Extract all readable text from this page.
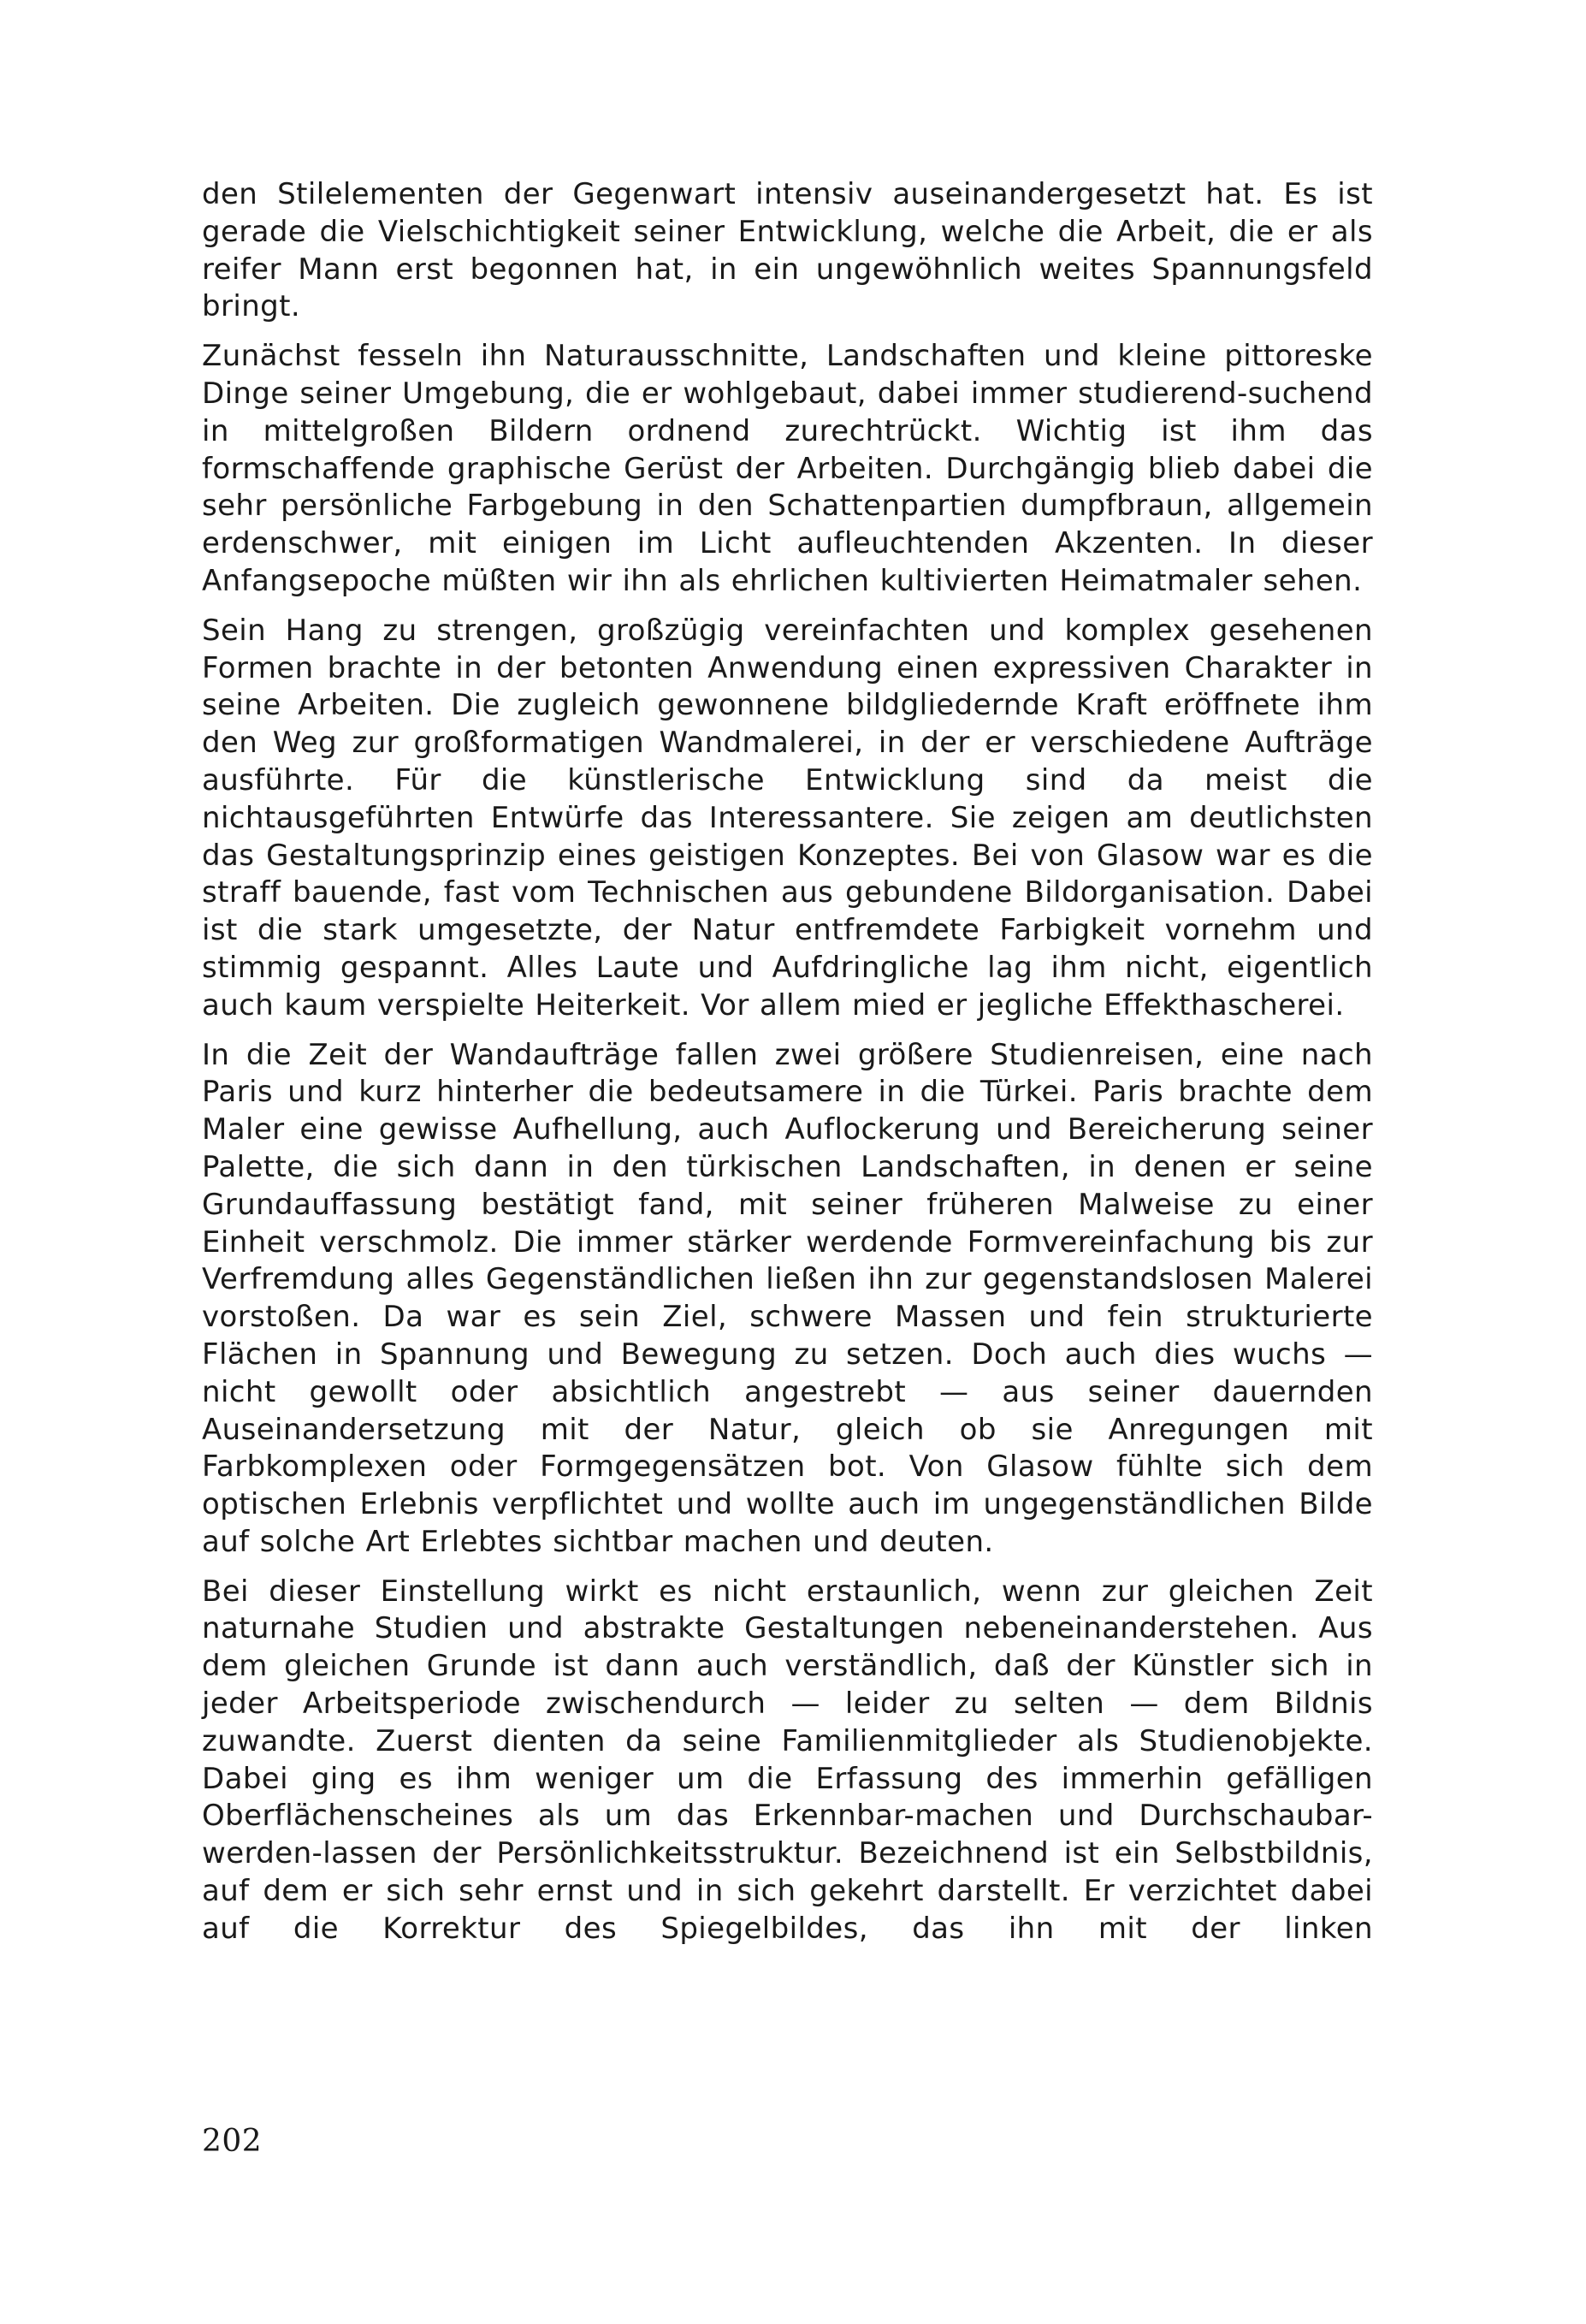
den Stilelementen der Gegenwart intensiv auseinandergesetzt hat. Es ist gerade die Vielschichtigkeit seiner Entwicklung, welche die Arbeit, die er als reifer Mann erst begonnen hat, in ein ungewöhnlich weites Spannungsfeld bringt.

Zunächst fesseln ihn Naturausschnitte, Landschaften und kleine pittoreske Dinge seiner Umgebung, die er wohlgebaut, dabei immer studierend-suchend in mittelgroßen Bildern ordnend zurechtrückt. Wichtig ist ihm das formschaffende graphische Gerüst der Arbeiten. Durchgängig blieb dabei die sehr persönliche Farbgebung in den Schattenpartien dumpfbraun, allgemein erdenschwer, mit einigen im Licht aufleuchtenden Akzenten. In dieser Anfangsepoche müßten wir ihn als ehrlichen kultivierten Heimatmaler sehen.

Sein Hang zu strengen, großzügig vereinfachten und komplex gesehenen Formen brachte in der betonten Anwendung einen expressiven Charakter in seine Arbeiten. Die zugleich gewonnene bildgliedernde Kraft eröffnete ihm den Weg zur großformatigen Wandmalerei, in der er verschiedene Aufträge ausführte. Für die künstlerische Entwicklung sind da meist die nichtausgeführten Entwürfe das Interessantere. Sie zeigen am deutlichsten das Gestaltungsprinzip eines geistigen Konzeptes. Bei von Glasow war es die straff bauende, fast vom Technischen aus gebundene Bildorganisation. Dabei ist die stark umgesetzte, der Natur entfremdete Farbigkeit vornehm und stimmig gespannt. Alles Laute und Aufdringliche lag ihm nicht, eigentlich auch kaum verspielte Heiterkeit. Vor allem mied er jegliche Effekthascherei.

In die Zeit der Wandaufträge fallen zwei größere Studienreisen, eine nach Paris und kurz hinterher die bedeutsamere in die Türkei. Paris brachte dem Maler eine gewisse Aufhellung, auch Auflockerung und Bereicherung seiner Palette, die sich dann in den türkischen Landschaften, in denen er seine Grundauffassung bestätigt fand, mit seiner früheren Malweise zu einer Einheit verschmolz. Die immer stärker werdende Formvereinfachung bis zur Verfremdung alles Gegenständlichen ließen ihn zur gegenstandslosen Malerei vorstoßen. Da war es sein Ziel, schwere Massen und fein strukturierte Flächen in Spannung und Bewegung zu setzen. Doch auch dies wuchs — nicht gewollt oder absichtlich angestrebt — aus seiner dauernden Auseinandersetzung mit der Natur, gleich ob sie Anregungen mit Farbkomplexen oder Formgegensätzen bot. Von Glasow fühlte sich dem optischen Erlebnis verpflichtet und wollte auch im ungegenständlichen Bilde auf solche Art Erlebtes sichtbar machen und deuten.

Bei dieser Einstellung wirkt es nicht erstaunlich, wenn zur gleichen Zeit naturnahe Studien und abstrakte Gestaltungen nebeneinanderstehen. Aus dem gleichen Grunde ist dann auch verständlich, daß der Künstler sich in jeder Arbeitsperiode zwischendurch — leider zu selten — dem Bildnis zuwandte. Zuerst dienten da seine Familienmitglieder als Studienobjekte. Dabei ging es ihm weniger um die Erfassung des immerhin gefälligen Oberflächenscheines als um das Erkennbar-machen und Durchschaubar-werden-lassen der Persönlichkeitsstruktur. Bezeichnend ist ein Selbstbildnis, auf dem er sich sehr ernst und in sich gekehrt darstellt. Er verzichtet dabei auf die Korrektur des Spiegelbildes, das ihn mit der linken

202
